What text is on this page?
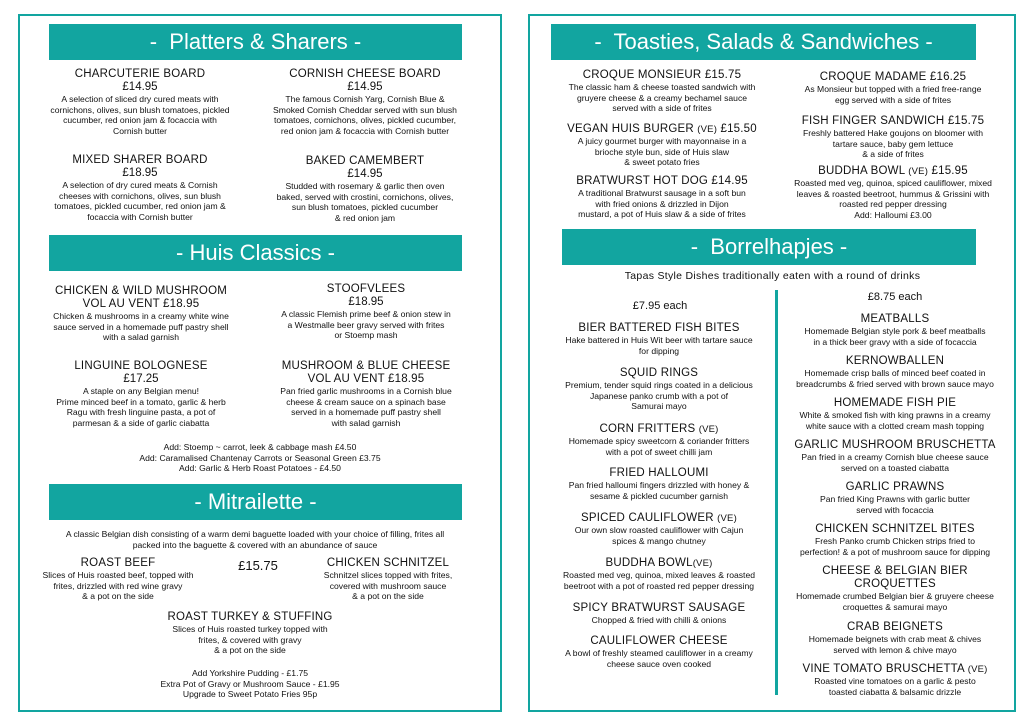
-  Platters & Sharers -
CHARCUTERIE BOARD
£14.95
A selection of sliced dry cured meats with
cornichons, olives, sun blush tomatoes, pickled
cucumber, red onion jam & focaccia with
Cornish butter
CORNISH CHEESE BOARD
£14.95
The famous Cornish Yarg, Cornish Blue &
Smoked Cornish Cheddar served with sun blush
tomatoes, cornichons, olives, pickled cucumber,
red onion jam & focaccia with Cornish butter
MIXED SHARER BOARD
£18.95
A selection of dry cured meats & Cornish
cheeses with cornichons, olives, sun blush
tomatoes, pickled cucumber, red onion jam &
focaccia with Cornish butter
BAKED CAMEMBERT
£14.95
Studded with rosemary & garlic then oven
baked, served with crostini, cornichons, olives,
sun blush tomatoes, pickled cucumber
& red onion jam
- Huis Classics -
CHICKEN & WILD MUSHROOM
VOL AU VENT £18.95
Chicken & mushrooms in a creamy white wine
sauce served in a homemade puff pastry shell
with a salad garnish
STOOFVLEES
£18.95
A classic Flemish prime beef & onion stew in
a Westmalle beer gravy served with frites
or Stoemp mash
LINGUINE BOLOGNESE
£17.25
A staple on any Belgian menu!
Prime minced beef in a tomato, garlic & herb
Ragu with fresh linguine pasta, a pot of
parmesan & a side of garlic ciabatta
MUSHROOM & BLUE CHEESE
VOL AU VENT £18.95
Pan fried garlic mushrooms in a Cornish blue
cheese & cream sauce on a spinach base
served in a homemade puff pastry shell
with salad garnish
Add: Stoemp ~ carrot, leek & cabbage mash £4.50
Add: Caramalised Chantenay Carrots or Seasonal Green £3.75
Add: Garlic & Herb Roast Potatoes - £4.50
- Mitrailette -
A classic Belgian dish consisting of a warm demi baguette loaded with your choice of filling, frites all
packed into the baguette & covered with an abundance of sauce
ROAST BEEF
Slices of Huis roasted beef, topped with
frites, drizzled with red wine gravy
& a pot on the side
£15.75	CHICKEN SCHNITZEL
Schnitzel slices topped with frites,
covered with mushroom sauce
& a pot on the side
ROAST TURKEY & STUFFING
Slices of Huis roasted turkey topped with
frites, & covered with gravy
& a pot on the side
Add Yorkshire Pudding - £1.75
Extra Pot of Gravy or Mushroom Sauce - £1.95
Upgrade to Sweet Potato Fries 95p
-  Toasties, Salads & Sandwiches -
CROQUE MONSIEUR £15.75
The classic ham & cheese toasted sandwich with
gruyere cheese & a creamy bechamel sauce
served with a side of frites
CROQUE MADAME £16.25
As Monsieur but topped with a fried free-range
egg served with a side of frites
VEGAN HUIS BURGER (VE) £15.50
A juicy gourmet burger with mayonnaise in a
brioche style bun, side of Huis slaw
& sweet potato fries
FISH FINGER SANDWICH £15.75
Freshly battered Hake goujons on bloomer with
tartare sauce, baby gem lettuce
& a side of frites
BRATWURST HOT DOG £14.95
A traditional Bratwurst sausage in a soft bun
with fried onions & drizzled in Dijon
mustard, a pot of Huis slaw & a side of frites
BUDDHA BOWL (VE) £15.95
Roasted med veg, quinoa, spiced cauliflower, mixed
leaves & roasted beetroot, hummus & Grissini with
roasted red pepper dressing
Add: Halloumi £3.00
-  Borrelhapjes -
Tapas Style Dishes traditionally eaten with a round of drinks
£7.95 each
£8.75 each
BIER BATTERED FISH BITES
Hake battered in Huis Wit beer with tartare sauce
for dipping
SQUID RINGS
Premium, tender squid rings coated in a delicious
Japanese panko crumb with a pot of
Samurai mayo
CORN FRITTERS (VE)
Homemade spicy sweetcorn & coriander fritters
with a pot of sweet chilli jam
FRIED HALLOUMI
Pan fried halloumi fingers drizzled with honey &
sesame & pickled cucumber garnish
SPICED CAULIFLOWER (VE)
Our own slow roasted cauliflower with Cajun
spices & mango chutney
BUDDHA BOWL(VE)
Roasted med veg, quinoa, mixed leaves & roasted
beetroot with a pot of roasted red pepper dressing
SPICY BRATWURST SAUSAGE
Chopped & fried with chilli & onions
CAULIFLOWER CHEESE
A bowl of freshly steamed cauliflower in a creamy
cheese sauce oven cooked
MEATBALLS
Homemade Belgian style pork & beef meatballs
in a thick beer gravy with a side of focaccia
KERNOWBALLEN
Homemade crisp balls of minced beef coated in
breadcrumbs & fried served with brown sauce mayo
HOMEMADE FISH PIE
White & smoked fish with king prawns in a creamy
white sauce with a clotted cream mash topping
GARLIC MUSHROOM BRUSCHETTA
Pan fried in a creamy Cornish blue cheese sauce
served on a toasted ciabatta
GARLIC PRAWNS
Pan fried King Prawns with garlic butter
served with focaccia
CHICKEN SCHNITZEL BITES
Fresh Panko crumb Chicken strips fried to
perfection! & a pot of mushroom sauce for dipping
CHEESE & BELGIAN BIER
CROQUETTES
Homemade crumbed Belgian bier & gruyere cheese
croquettes & samurai mayo
CRAB BEIGNETS
Homemade beignets with crab meat & chives
served with lemon & chive mayo
VINE TOMATO BRUSCHETTA (VE)
Roasted vine tomatoes on a garlic & pesto
toasted ciabatta & balsamic drizzle
